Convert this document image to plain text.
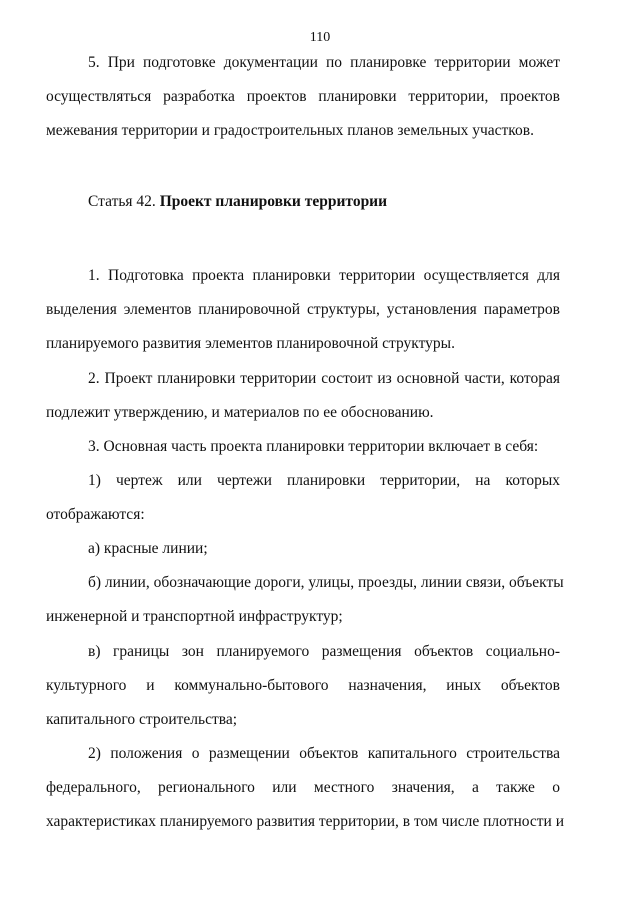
110
5. При подготовке документации по планировке территории может
осуществляться разработка проектов планировки территории, проектов
межевания территории и градостроительных планов земельных участков.
Статья 42. Проект планировки территории
1. Подготовка проекта планировки территории осуществляется для
выделения элементов планировочной структуры, установления параметров
планируемого развития элементов планировочной структуры.
2. Проект планировки территории состоит из основной части, которая
подлежит утверждению, и материалов по ее обоснованию.
3. Основная часть проекта планировки территории включает в себя:
1) чертеж или чертежи планировки территории, на которых
отображаются:
а) красные линии;
б) линии, обозначающие дороги, улицы, проезды, линии связи, объекты
инженерной и транспортной инфраструктур;
в) границы зон планируемого размещения объектов социально-
культурного и коммунально-бытового назначения, иных объектов
капитального строительства;
2) положения о размещении объектов капитального строительства
федерального, регионального или местного значения, а также о
характеристиках планируемого развития территории, в том числе плотности и
